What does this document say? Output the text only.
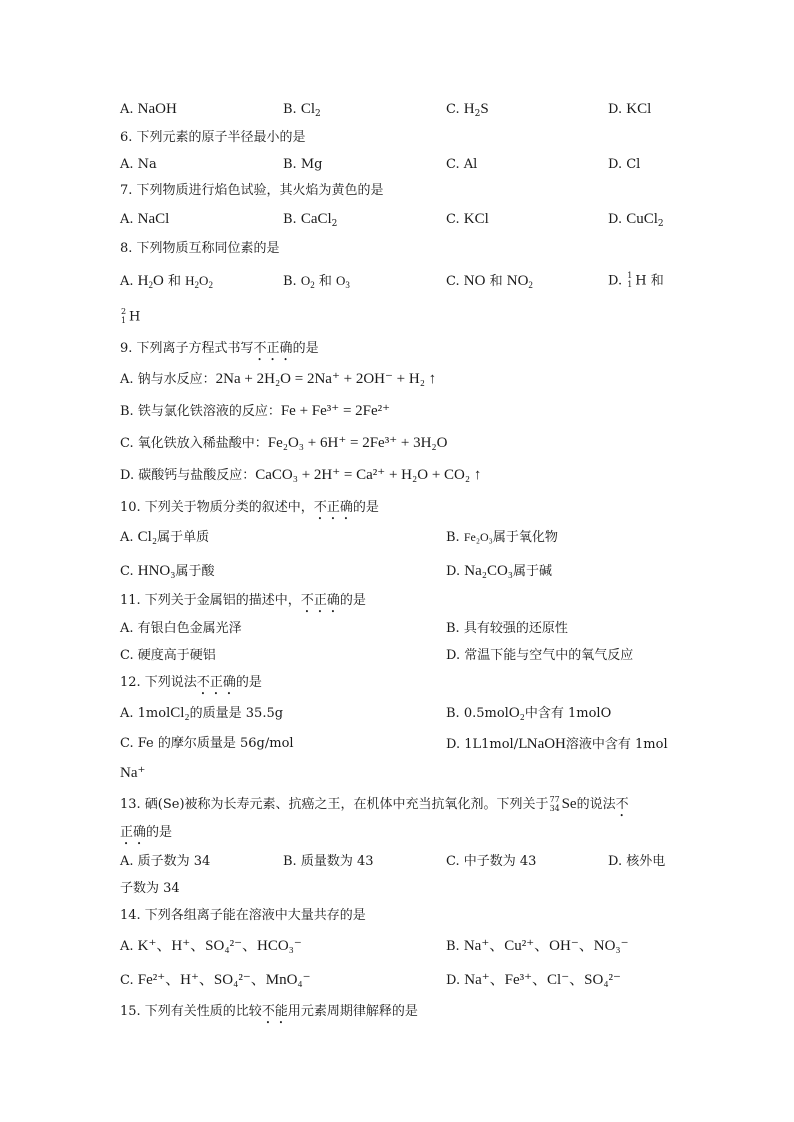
A. NaOH	B. $Cl_2$	C. $H_2S$	D. KCl
6. 下列元素的原子半径最小的是
A. Na	B. Mg	C. Al	D. Cl
7. 下列物质进行焰色试验，其火焰为黄色的是
A. NaCl	B. CaCl$_2$	C. KCl	D. CuCl$_2$
8. 下列物质互称同位素的是
A. $H_2O$ 和 $H_2O_2$	B. $O_2$ 和 $O_3$	C. NO 和 $NO_2$	D. 1
1 H 和
2
1 H
9. 下列离子方程式书写不正确的是
A. 钠与水反应：2Na + 2H₂O = 2Na⁺ + 2OH⁻ + H₂ ↑
B. 铁与氯化铁溶液的反应：Fe + Fe³⁺ = 2Fe²⁺
C. 氧化铁放入稀盐酸中：Fe₂O₃ + 6H⁺ = 2Fe³⁺ + 3H₂O
D. 碳酸钙与盐酸反应：CaCO₃ + 2H⁺ = Ca²⁺ + H₂O + CO₂ ↑
10. 下列关于物质分类的叙述中，不正确的是
A. Cl₂属于单质	B. Fe₂O₃属于氧化物
C. HNO₃属于酸	D. Na₂CO₃属于碱
11. 下列关于金属铝的描述中，不正确的是
A. 有银白色金属光泽	B. 具有较强的还原性
C. 硬度高于硬铝	D. 常温下能与空气中的氧气反应
12. 下列说法不正确的是
A. 1molCl₂的质量是 35.5g	B. 0.5molO₂中含有 1molO
C. Fe 的摩尔质量是 56g/mol	D. 1L1mol/LNaOH溶液中含有 1mol
Na⁺
13. 硒(Se)被称为长寿元素、抗癌之王，在机体中充当抗氧化剂。下列关于 77
34 Se的说法不
正确的是
A. 质子数为 34	B. 质量数为 43	C. 中子数为 43	D. 核外电
子数为 34
14. 下列各组离子能在溶液中大量共存的是
A. K⁺、H⁺、SO₄²⁻、HCO₃⁻	B. Na⁺、Cu²⁺、OH⁻、NO₃⁻
C. Fe²⁺、H⁺、SO₄²⁻、MnO₄⁻	D. Na⁺、Fe³⁺、Cl⁻、SO₄²⁻
15. 下列有关性质的比较不能用元素周期律解释的是
